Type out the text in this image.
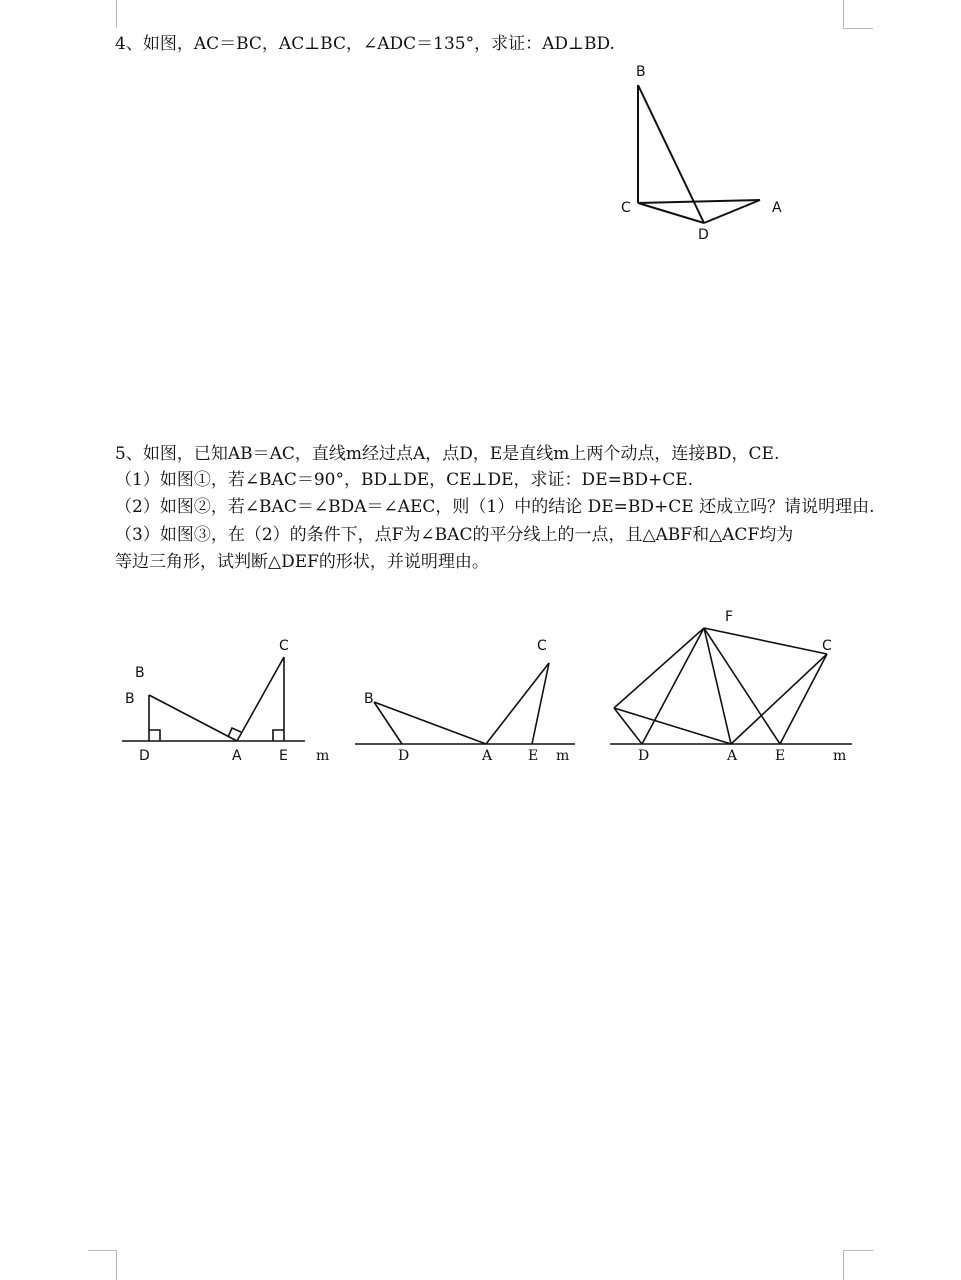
4、如图，AC＝BC，AC⊥BC，∠ADC＝135°，求证：AD⊥BD.

B
C	A
D

5、如图，已知AB＝AC，直线m经过点A，点D，E是直线m上两个动点，连接BD，CE.

（1）如图①，若∠BAC＝90°，BD⊥DE，CE⊥DE，求证：DE=BD+CE.

（2）如图②，若∠BAC＝∠BDA＝∠AEC，则（1）中的结论 DE=BD+CE 还成立吗？请说明理由.

（3）如图③，在（2）的条件下，点F为∠BAC的平分线上的一点，且△ABF和△ACF均为

等边三角形，试判断△DEF的形状，并说明理由。

B
B
C
D	A	E m
B
C
D	A	E m
F
C
D	A	E	m
